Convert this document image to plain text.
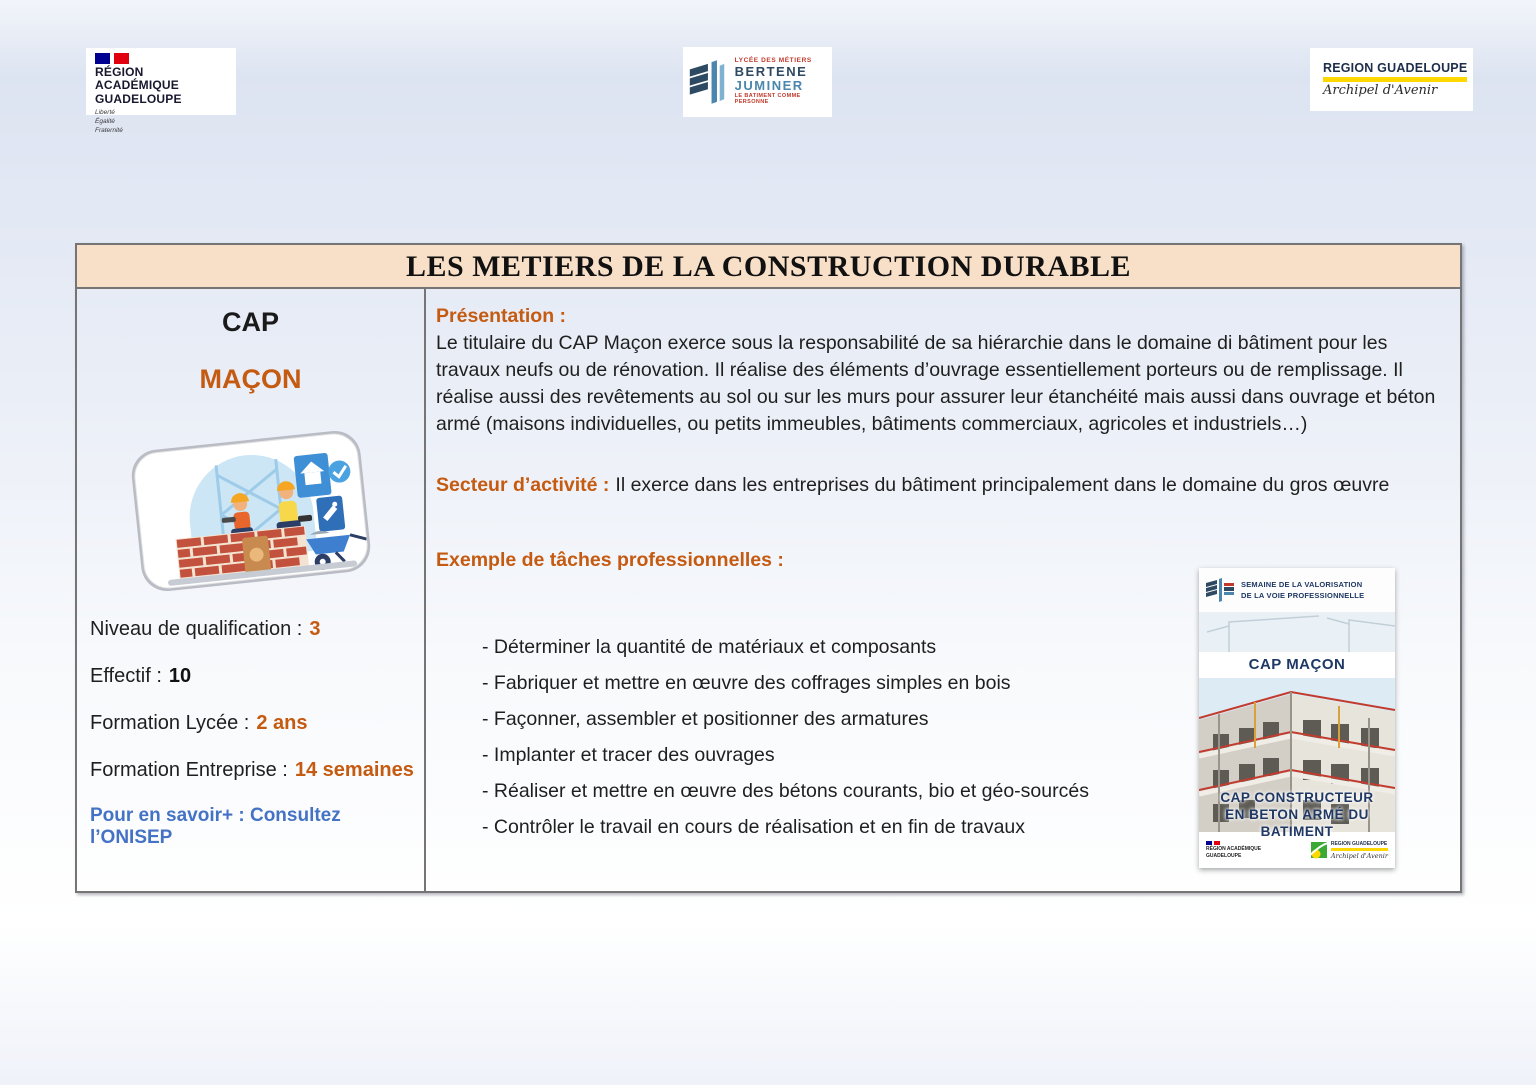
RÉGION ACADÉMIQUE
GUADELOUPE
Liberté
Égalité
Fraternité
LYCÉE DES MÉTIERS
BERTENE
JUMINER
LE BATIMENT COMME PERSONNE
REGION GUADELOUPE
Archipel d'Avenir
LES METIERS DE LA CONSTRUCTION DURABLE
CAP
MAÇON
Niveau de qualification : 3
Effectif : 10
Formation Lycée : 2 ans
Formation Entreprise : 14 semaines
Pour en savoir+ : Consultez l’ONISEP
Présentation :
Le titulaire du CAP Maçon exerce sous la responsabilité de sa hiérarchie dans le domaine di bâtiment pour les travaux neufs ou de rénovation. Il réalise des éléments d’ouvrage essentiellement porteurs ou de remplissage. Il réalise aussi des revêtements au sol ou sur les murs pour assurer leur étanchéité mais aussi dans ouvrage et béton armé (maisons individuelles, ou petits immeubles, bâtiments commerciaux, agricoles et industriels…)
Secteur d’activité : Il exerce dans les entreprises du bâtiment principalement dans le domaine du gros œuvre
Exemple de tâches professionnelles :
- Déterminer la quantité de matériaux et composants
- Fabriquer et mettre en œuvre des coffrages simples en bois
- Façonner, assembler et positionner des armatures
- Implanter et tracer des ouvrages
- Réaliser et mettre en œuvre des bétons courants, bio et géo-sourcés
- Contrôler le travail en cours de réalisation et en fin de travaux
SEMAINE DE LA VALORISATION
DE LA VOIE PROFESSIONNELLE
CAP MAÇON
CAP CONSTRUCTEUR
EN BETON ARMÉ DU BATIMENT
RÉGION ACADÉMIQUE
GUADELOUPE
REGION GUADELOUPE
Archipel d'Avenir
